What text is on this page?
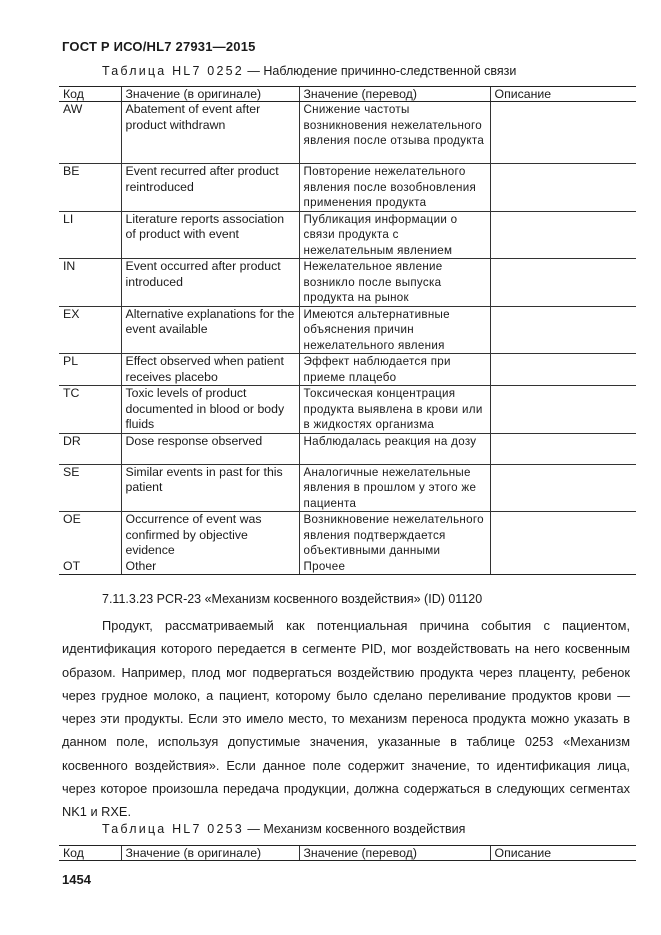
ГОСТ Р ИСО/HL7 27931—2015
Таблица HL7 0252 — Наблюдение причинно-следственной связи
Код	Значение (в оригинале)	Значение (перевод)	Описание
AW	Abatement of event after product withdrawn	Снижение частоты возникновения нежелательного явления после отзыва продукта	
BE	Event recurred after product reintroduced	Повторение нежелательного явления после возобновления применения продукта	
LI	Literature reports association of product with event	Публикация информации о связи продукта с нежелательным явлением	
IN	Event occurred after product introduced	Нежелательное явление возникло после выпуска продукта на рынок	
EX	Alternative explanations for the event available	Имеются альтернативные объяснения причин нежелательного явления	
PL	Effect observed when patient receives placebo	Эффект наблюдается при приеме плацебо	
TC	Toxic levels of product documented in blood or body fluids	Токсическая концентрация продукта выявлена в крови или в жидкостях организма	
DR	Dose response observed	Наблюдалась реакция на дозу	
SE	Similar events in past for this patient	Аналогичные нежелательные явления в прошлом у этого же пациента	
OE	Occurrence of event was confirmed by objective evidence	Возникновение нежелательного явления подтверждается объективными данными	
OT	Other	Прочее	
7.11.3.23 PCR-23 «Механизм косвенного воздействия» (ID) 01120
Продукт, рассматриваемый как потенциальная причина события с пациентом, идентификация которого передается в сегменте PID, мог воздействовать на него косвенным образом. Например, плод мог подвергаться воздействию продукта через плаценту, ребенок через грудное молоко, а пациент, которому было сделано переливание продуктов крови — через эти продукты. Если это имело место, то механизм переноса продукта можно указать в данном поле, используя допустимые значения, указанные в таблице 0253 «Механизм косвенного воздействия». Если данное поле содержит значение, то идентификация лица, через которое произошла передача продукции, должна содержаться в следующих сегментах NK1 и RXE.
Таблица HL7 0253 — Механизм косвенного воздействия
Код	Значение (в оригинале)	Значение (перевод)	Описание
1454
